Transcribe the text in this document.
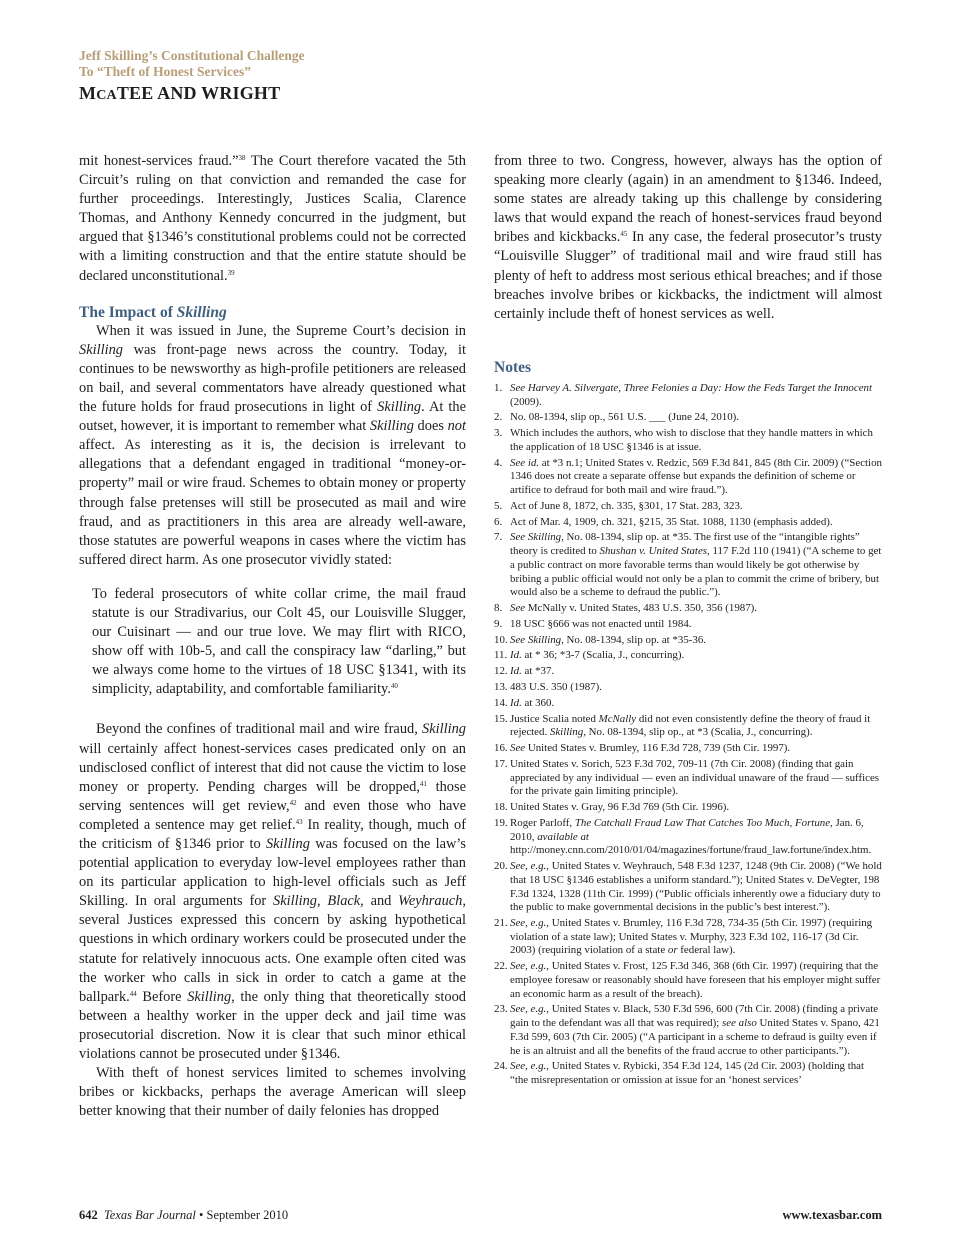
Jeff Skilling’s Constitutional Challenge
To “Theft of Honest Services”
MCATEE AND WRIGHT

mit honest-services fraud.”$^{38}$ The Court therefore vacated the 5th Circuit’s ruling on that conviction and remanded the case for further proceedings. Interestingly, Justices Scalia, Clarence Thomas, and Anthony Kennedy concurred in the judgment, but argued that §1346’s constitutional problems could not be corrected with a limiting construction and that the entire statute should be declared unconstitutional.$^{39}$

The Impact of Skilling

When it was issued in June, the Supreme Court’s decision in Skilling was front-page news across the country. Today, it continues to be newsworthy as high-profile petitioners are released on bail, and several commentators have already questioned what the future holds for fraud prosecutions in light of Skilling. At the outset, however, it is important to remember what Skilling does not affect. As interesting as it is, the decision is irrelevant to allegations that a defendant engaged in traditional “money-or-property” mail or wire fraud. Schemes to obtain money or property through false pretenses will still be prosecuted as mail and wire fraud, and as practitioners in this area are already well-aware, those statutes are powerful weapons in cases where the victim has suffered direct harm. As one prosecutor vividly stated:

To federal prosecutors of white collar crime, the mail fraud statute is our Stradivarius, our Colt 45, our Louisville Slugger, our Cuisinart — and our true love. We may flirt with RICO, show off with 10b-5, and call the conspiracy law “darling,” but we always come home to the virtues of 18 USC §1341, with its simplicity, adaptability, and comfortable familiarity.$^{40}$

Beyond the confines of traditional mail and wire fraud, Skilling will certainly affect honest-services cases predicated only on an undisclosed conflict of interest that did not cause the victim to lose money or property. Pending charges will be dropped,$^{41}$ those serving sentences will get review,$^{42}$ and even those who have completed a sentence may get relief.$^{43}$ In reality, though, much of the criticism of §1346 prior to Skilling was focused on the law’s potential application to everyday low-level employees rather than on its particular application to high-level officials such as Jeff Skilling. In oral arguments for Skilling, Black, and Weyhrauch, several Justices expressed this concern by asking hypothetical questions in which ordinary workers could be prosecuted under the statute for relatively innocuous acts. One example often cited was the worker who calls in sick in order to catch a game at the ballpark.$^{44}$ Before Skilling, the only thing that theoretically stood between a healthy worker in the upper deck and jail time was prosecutorial discretion. Now it is clear that such minor ethical violations cannot be prosecuted under §1346.

With theft of honest services limited to schemes involving bribes or kickbacks, perhaps the average American will sleep better knowing that their number of daily felonies has dropped

from three to two. Congress, however, always has the option of speaking more clearly (again) in an amendment to §1346. Indeed, some states are already taking up this challenge by considering laws that would expand the reach of honest-services fraud beyond bribes and kickbacks.$^{45}$ In any case, the federal prosecutor’s trusty “Louisville Slugger” of traditional mail and wire fraud still has plenty of heft to address most serious ethical breaches; and if those breaches involve bribes or kickbacks, the indictment will almost certainly include theft of honest services as well.

Notes
1. See Harvey A. Silvergate, Three Felonies a Day: How the Feds Target the Innocent (2009).
2. No. 08-1394, slip op., 561 U.S. ___ (June 24, 2010).
3. Which includes the authors, who wish to disclose that they handle matters in which the application of 18 USC §1346 is at issue.
4. See id. at *3 n.1; United States v. Redzic, 569 F.3d 841, 845 (8th Cir. 2009) (“Section 1346 does not create a separate offense but expands the definition of scheme or artifice to defraud for both mail and wire fraud.”).
5. Act of June 8, 1872, ch. 335, §301, 17 Stat. 283, 323.
6. Act of Mar. 4, 1909, ch. 321, §215, 35 Stat. 1088, 1130 (emphasis added).
7. See Skilling, No. 08-1394, slip op. at *35. The first use of the “intangible rights” theory is credited to Shushan v. United States, 117 F.2d 110 (1941) (“A scheme to get a public contract on more favorable terms than would likely be got otherwise by bribing a public official would not only be a plan to commit the crime of bribery, but would also be a scheme to defraud the public.”).
8. See McNally v. United States, 483 U.S. 350, 356 (1987).
9. 18 USC §666 was not enacted until 1984.
10. See Skilling, No. 08-1394, slip op. at *35-36.
11. Id. at * 36; *3-7 (Scalia, J., concurring).
12. Id. at *37.
13. 483 U.S. 350 (1987).
14. Id. at 360.
15. Justice Scalia noted McNally did not even consistently define the theory of fraud it rejected. Skilling, No. 08-1394, slip op., at *3 (Scalia, J., concurring).
16. See United States v. Brumley, 116 F.3d 728, 739 (5th Cir. 1997).
17. United States v. Sorich, 523 F.3d 702, 709-11 (7th Cir. 2008) (finding that gain appreciated by any individual — even an individual unaware of the fraud — suffices for the private gain limiting principle).
18. United States v. Gray, 96 F.3d 769 (5th Cir. 1996).
19. Roger Parloff, The Catchall Fraud Law That Catches Too Much, Fortune, Jan. 6, 2010, available at http://money.cnn.com/2010/01/04/magazines/fortune/fraud_law.fortune/index.htm.
20. See, e.g., United States v. Weyhrauch, 548 F.3d 1237, 1248 (9th Cir. 2008) (“We hold that 18 USC §1346 establishes a uniform standard.”); United States v. DeVegter, 198 F.3d 1324, 1328 (11th Cir. 1999) (“Public officials inherently owe a fiduciary duty to the public to make governmental decisions in the public’s best interest.”).
21. See, e.g., United States v. Brumley, 116 F.3d 728, 734-35 (5th Cir. 1997) (requiring violation of a state law); United States v. Murphy, 323 F.3d 102, 116-17 (3d Cir. 2003) (requiring violation of a state or federal law).
22. See, e.g., United States v. Frost, 125 F.3d 346, 368 (6th Cir. 1997) (requiring that the employee foresaw or reasonably should have foreseen that his employer might suffer an economic harm as a result of the breach).
23. See, e.g., United States v. Black, 530 F.3d 596, 600 (7th Cir. 2008) (finding a private gain to the defendant was all that was required); see also United States v. Spano, 421 F.3d 599, 603 (7th Cir. 2005) (“A participant in a scheme to defraud is guilty even if he is an altruist and all the benefits of the fraud accrue to other participants.”).
24. See, e.g., United States v. Rybicki, 354 F.3d 124, 145 (2d Cir. 2003) (holding that “the misrepresentation or omission at issue for an ‘honest services’
642 Texas Bar Journal • September 2010	www.texasbar.com
